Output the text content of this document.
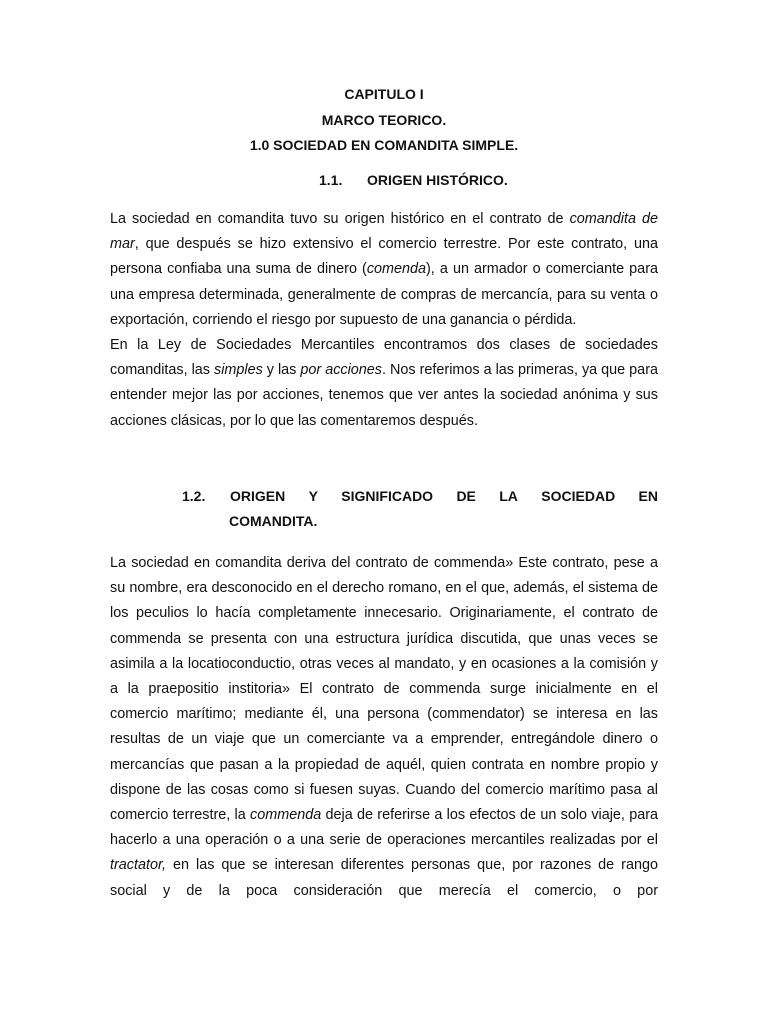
CAPITULO I
MARCO TEORICO.
1.0 SOCIEDAD EN COMANDITA SIMPLE.
1.1. ORIGEN HISTÓRICO.

La sociedad en comandita tuvo su origen histórico en el contrato de comandita de mar, que después se hizo extensivo el comercio terrestre. Por este contrato, una persona confiaba una suma de dinero (comenda), a un armador o comerciante para una empresa determinada, generalmente de compras de mercancía, para su venta o exportación, corriendo el riesgo por supuesto de una ganancia o pérdida.

En la Ley de Sociedades Mercantiles encontramos dos clases de sociedades comanditas, las simples y las por acciones. Nos referimos a las primeras, ya que para entender mejor las por acciones, tenemos que ver antes la sociedad anónima y sus acciones clásicas, por lo que las comentaremos después.

1.2.	ORIGEN Y SIGNIFICADO DE LA SOCIEDAD EN
COMANDITA.

La sociedad en comandita deriva del contrato de commenda» Este contrato, pese a su nombre, era desconocido en el derecho romano, en el que, además, el sistema de los peculios lo hacía completamente innecesario. Originariamente, el contrato de commenda se presenta con una estructura jurídica discutida, que unas veces se asimila a la locatioconductio, otras veces al mandato, y en ocasiones a la comisión y a la praepositio institoria» El contrato de commenda surge inicialmente en el comercio marítimo; mediante él, una persona (commendator) se interesa en las resultas de un viaje que un comerciante va a emprender, entregándole dinero o mercancías que pasan a la propiedad de aquél, quien contrata en nombre propio y dispone de las cosas como si fuesen suyas. Cuando del comercio marítimo pasa al comercio terrestre, la commenda deja de referirse a los efectos de un solo viaje, para hacerlo a una operación o a una serie de operaciones mercantiles realizadas por el tractator, en las que se interesan diferentes personas que, por razones de rango social y de la poca consideración que merecía el comercio, o por
